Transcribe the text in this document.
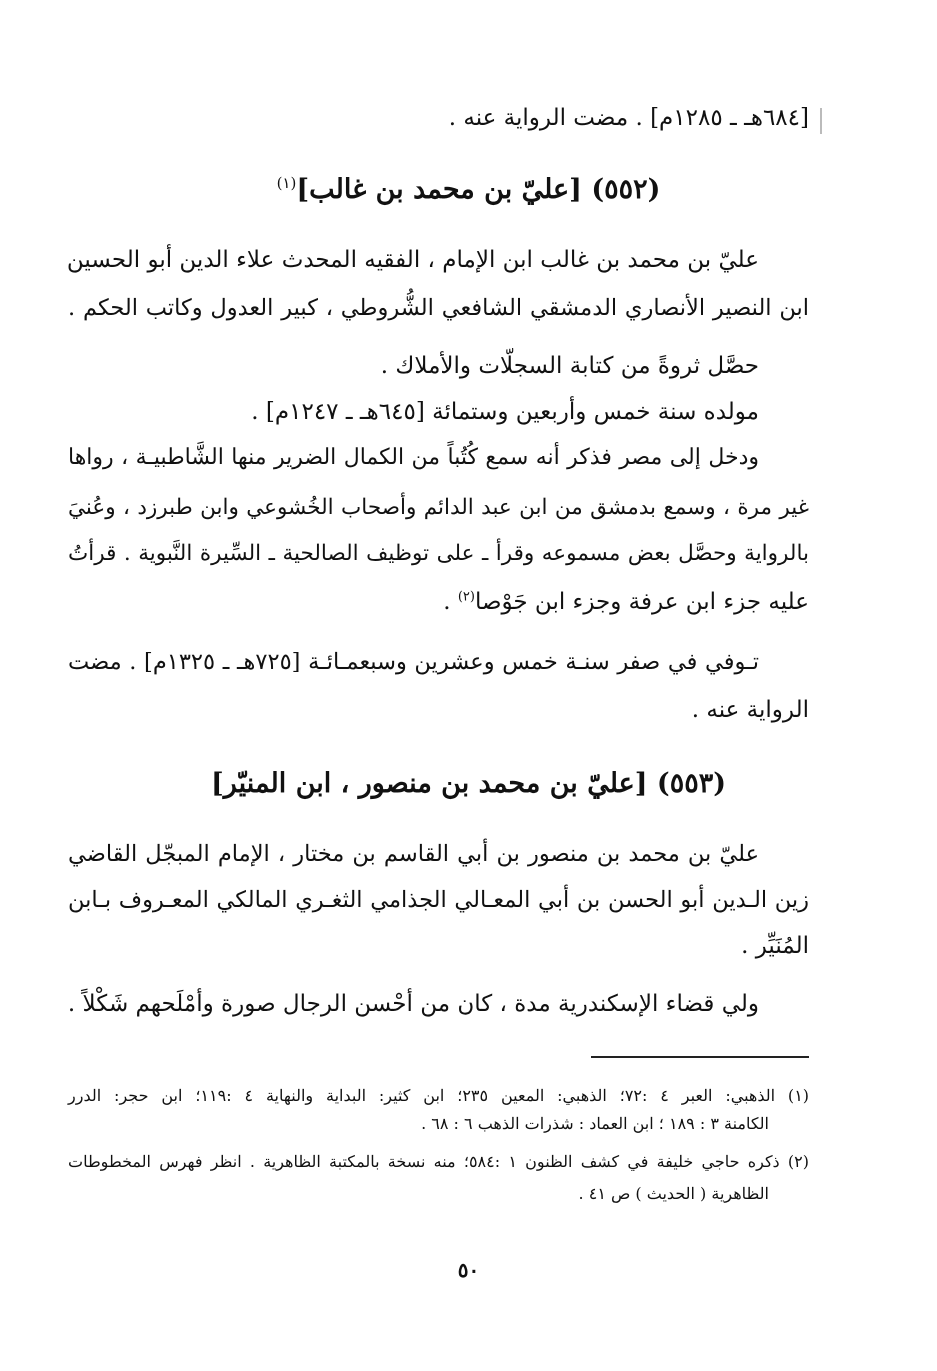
[٦٨٤هـ ـ ١٢٨٥م] . مضت الرواية عنه .
(٥٥٢) [عليّ بن محمد بن غالب]$^{(١)}$
عليّ بن محمد بن غالب ابن الإمام ، الفقيه المحدث علاء الدين أبو الحسين
ابن النصير الأنصاري الدمشقي الشافعي الشُّروطي ، كبير العدول وكاتب الحكم .
حصَّل ثروةً من كتابة السجلّات والأملاك .
مولده سنة خمس وأربعين وستمائة [٦٤٥هـ ـ ١٢٤٧م] .
ودخل إلى مصر فذكر أنه سمع كُتُباً من الكمال الضرير منها الشَّاطبيـة ، رواها
غير مرة ، وسمع بدمشق من ابن عبد الدائم وأصحاب الخُشوعي وابن طبرزد ، وعُنيَ
بالرواية وحصَّل بعض مسموعه وقرأ ـ على توظيف الصالحية ـ السِّيرة النَّبوية . قرأتُ
عليه جزء ابن عرفة وجزء ابن جَوْصا$^{(٢)}$ .
تـوفي في صفر سنـة خمس وعشرين وسبعمـائـة [٧٢٥هـ ـ ١٣٢٥م] . مضت
الرواية عنه .
(٥٥٣) [عليّ بن محمد بن منصور ، ابن المنيّر]
عليّ بن محمد بن منصور بن أبي القاسم بن مختار ، الإمام المبجّل القاضي
زين الـدين أبو الحسن بن أبي المعـالي الجذامي الثغـري المالكي المعـروف بـابن
المُنَيِّر .
ولي قضاء الإسكندرية مدة ، كان من أحْسن الرجال صورة وأمْلَحهم شَكْلاً .
(١) الذهبي: العبر ٤ :٧٢؛ الذهبي: المعين ٢٣٥؛ ابن كثير: البداية والنهاية ٤ :١١٩؛ ابن حجر: الدرر
الكامنة ٣ : ١٨٩ ؛ ابن العماد : شذرات الذهب ٦ : ٦٨ .
(٢) ذكره حاجي خليفة في كشف الظنون ١ :٥٨٤؛ منه نسخة بالمكتبة الظاهرية . انظر فهرس المخطوطات
الظاهرية ( الحديث ) ص ٤١ .
٥٠
